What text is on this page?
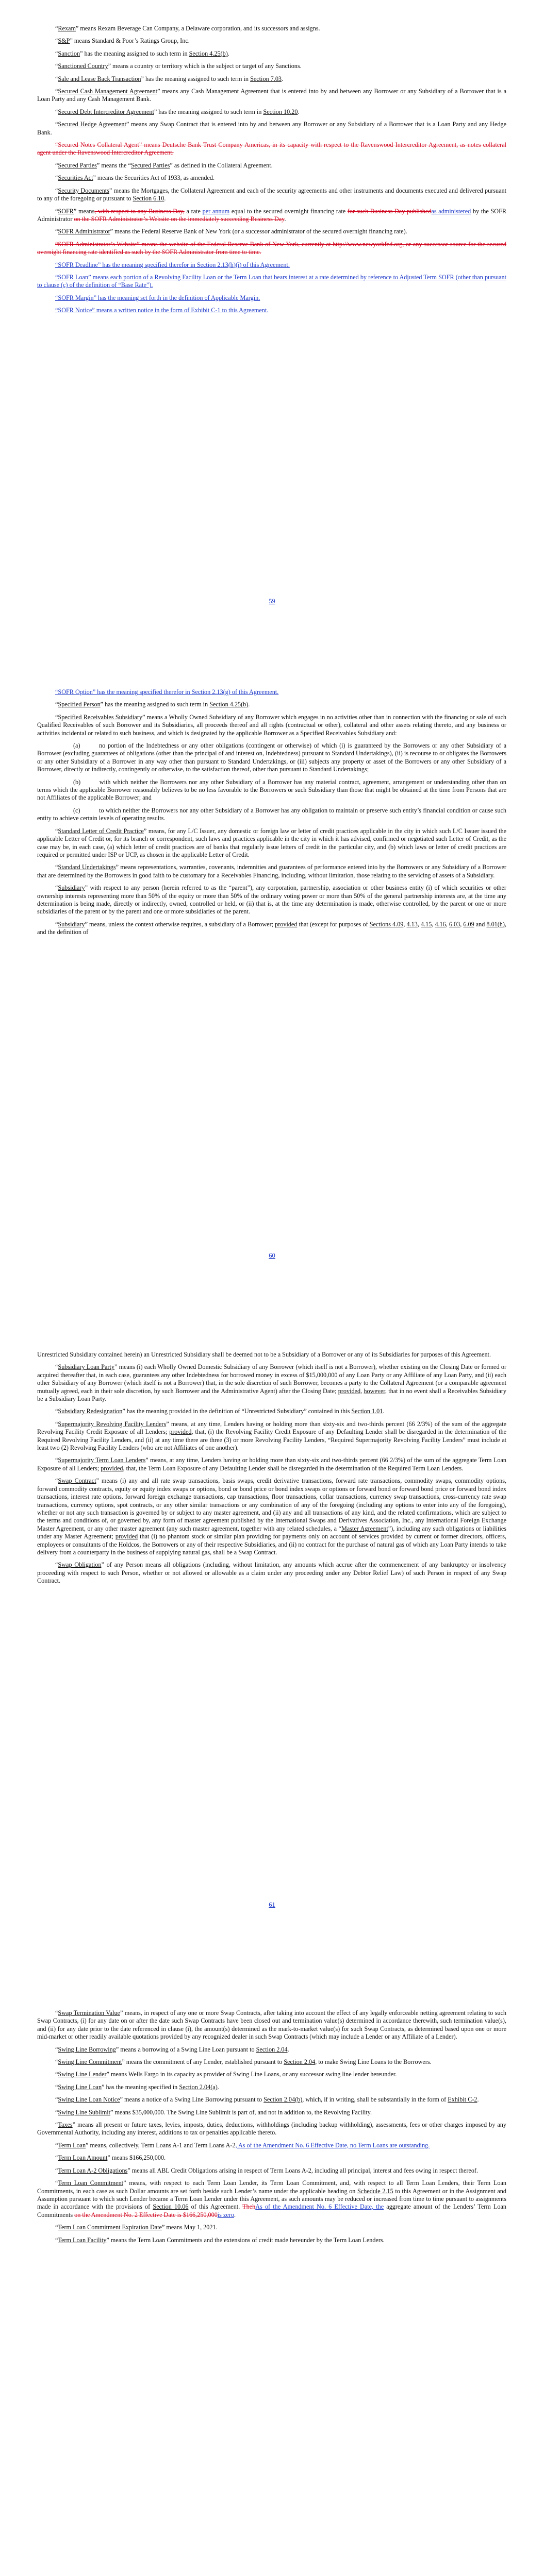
“Rexam” means Rexam Beverage Can Company, a Delaware corporation, and its successors and assigns.

“S&P” means Standard & Poor’s Ratings Group, Inc.

“Sanction” has the meaning assigned to such term in Section 4.25(b).

“Sanctioned Country” means a country or territory which is the subject or target of any Sanctions.

“Sale and Lease Back Transaction” has the meaning assigned to such term in Section 7.03.

“Secured Cash Management Agreement” means any Cash Management Agreement that is entered into by and between any Borrower or any Subsidiary of a Borrower that is a Loan Party and any Cash Management Bank.

“Secured Debt Intercreditor Agreement” has the meaning assigned to such term in Section 10.20.

“Secured Hedge Agreement” means any Swap Contract that is entered into by and between any Borrower or any Subsidiary of a Borrower that is a Loan Party and any Hedge Bank.

“Secured Notes Collateral Agent” means Deutsche Bank Trust Company Americas, in its capacity with respect to the Ravenswood Intercreditor Agreement, as notes collateral agent under the Ravenswood Intercreditor Agreement.

“Secured Parties” means the “Secured Parties” as defined in the Collateral Agreement.

“Securities Act” means the Securities Act of 1933, as amended.

“Security Documents” means the Mortgages, the Collateral Agreement and each of the security agreements and other instruments and documents executed and delivered pursuant to any of the foregoing or pursuant to Section 6.10.

“SOFR” means, with respect to any Business Day, a rate per annum equal to the secured overnight financing rate for such Business Day publishedas administered by the SOFR Administrator on the SOFR Administrator’s Website on the immediately succeeding Business Day.

“SOFR Administrator” means the Federal Reserve Bank of New York (or a successor administrator of the secured overnight financing rate).

“SOFR Administrator’s Website” means the website of the Federal Reserve Bank of New York, currently at http://www.newyorkfed.org, or any successor source for the secured overnight financing rate identified as such by the SOFR Administrator from time to time.

“SOFR Deadline” has the meaning specified therefor in Section 2.13(h)(i) of this Agreement.

“SOFR Loan” means each portion of a Revolving Facility Loan or the Term Loan that bears interest at a rate determined by reference to Adjusted Term SOFR (other than pursuant to clause (c) of the definition of “Base Rate”).

“SOFR Margin” has the meaning set forth in the definition of Applicable Margin.

“SOFR Notice” means a written notice in the form of Exhibit C-1 to this Agreement.

59

“SOFR Option” has the meaning specified therefor in Section 2.13(g) of this Agreement.

“Specified Person” has the meaning assigned to such term in Section 4.25(b).

“Specified Receivables Subsidiary” means a Wholly Owned Subsidiary of any Borrower which engages in no activities other than in connection with the financing or sale of such Qualified Receivables of such Borrower and its Subsidiaries, all proceeds thereof and all rights (contractual or other), collateral and other assets relating thereto, and any business or activities incidental or related to such business, and which is designated by the applicable Borrower as a Specified Receivables Subsidiary and:

(a)   no portion of the Indebtedness or any other obligations (contingent or otherwise) of which (i) is guaranteed by the Borrowers or any other Subsidiary of a Borrower (excluding guarantees of obligations (other than the principal of and interest on, Indebtedness) pursuant to Standard Undertakings), (ii) is recourse to or obligates the Borrowers or any other Subsidiary of a Borrower in any way other than pursuant to Standard Undertakings, or (iii) subjects any property or asset of the Borrowers or any other Subsidiary of a Borrower, directly or indirectly, contingently or otherwise, to the satisfaction thereof, other than pursuant to Standard Undertakings;

(b)   with which neither the Borrowers nor any other Subsidiary of a Borrower has any material contract, agreement, arrangement or understanding other than on terms which the applicable Borrower reasonably believes to be no less favorable to the Borrowers or such Subsidiary than those that might be obtained at the time from Persons that are not Affiliates of the applicable Borrower; and

(c)   to which neither the Borrowers nor any other Subsidiary of a Borrower has any obligation to maintain or preserve such entity’s financial condition or cause such entity to achieve certain levels of operating results.

“Standard Letter of Credit Practice” means, for any L/C Issuer, any domestic or foreign law or letter of credit practices applicable in the city in which such L/C Issuer issued the applicable Letter of Credit or, for its branch or correspondent, such laws and practices applicable in the city in which it has advised, confirmed or negotiated such Letter of Credit, as the case may be, in each case, (a) which letter of credit practices are of banks that regularly issue letters of credit in the particular city, and (b) which laws or letter of credit practices are required or permitted under ISP or UCP, as chosen in the applicable Letter of Credit.

“Standard Undertakings” means representations, warranties, covenants, indemnities and guarantees of performance entered into by the Borrowers or any Subsidiary of a Borrower that are determined by the Borrowers in good faith to be customary for a Receivables Financing, including, without limitation, those relating to the servicing of assets of a Subsidiary.

“Subsidiary” with respect to any person (herein referred to as the “parent”), any corporation, partnership, association or other business entity (i) of which securities or other ownership interests representing more than 50% of the equity or more than 50% of the ordinary voting power or more than 50% of the general partnership interests are, at the time any determination is being made, directly or indirectly, owned, controlled or held, or (ii) that is, at the time any determination is made, otherwise controlled, by the parent or one or more subsidiaries of the parent or by the parent and one or more subsidiaries of the parent.

“Subsidiary” means, unless the context otherwise requires, a subsidiary of a Borrower; provided that (except for purposes of Sections 4.09, 4.13, 4.15, 4.16, 6.03, 6.09 and 8.01(h), and the definition of

60

Unrestricted Subsidiary contained herein) an Unrestricted Subsidiary shall be deemed not to be a Subsidiary of a Borrower or any of its Subsidiaries for purposes of this Agreement.

“Subsidiary Loan Party” means (i) each Wholly Owned Domestic Subsidiary of any Borrower (which itself is not a Borrower), whether existing on the Closing Date or formed or acquired thereafter that, in each case, guarantees any other Indebtedness for borrowed money in excess of $15,000,000 of any Loan Party or any Affiliate of any Loan Party, and (ii) each other Subsidiary of any Borrower (which itself is not a Borrower) that, in the sole discretion of such Borrower, becomes a party to the Collateral Agreement (or a comparable agreement mutually agreed, each in their sole discretion, by such Borrower and the Administrative Agent) after the Closing Date; provided, however, that in no event shall a Receivables Subsidiary be a Subsidiary Loan Party.

“Subsidiary Redesignation” has the meaning provided in the definition of “Unrestricted Subsidiary” contained in this Section 1.01.

“Supermajority Revolving Facility Lenders” means, at any time, Lenders having or holding more than sixty-six and two-thirds percent (66 2/3%) of the sum of the aggregate Revolving Facility Credit Exposure of all Lenders; provided, that, (i) the Revolving Facility Credit Exposure of any Defaulting Lender shall be disregarded in the determination of the Required Revolving Facility Lenders, and (ii) at any time there are three (3) or more Revolving Facility Lenders, “Required Supermajority Revolving Facility Lenders” must include at least two (2) Revolving Facility Lenders (who are not Affiliates of one another).

“Supermajority Term Loan Lenders” means, at any time, Lenders having or holding more than sixty-six and two-thirds percent (66 2/3%) of the sum of the aggregate Term Loan Exposure of all Lenders; provided, that, the Term Loan Exposure of any Defaulting Lender shall be disregarded in the determination of the Required Term Loan Lenders.

“Swap Contract” means (i) any and all rate swap transactions, basis swaps, credit derivative transactions, forward rate transactions, commodity swaps, commodity options, forward commodity contracts, equity or equity index swaps or options, bond or bond price or bond index swaps or options or forward bond or forward bond price or forward bond index transactions, interest rate options, forward foreign exchange transactions, cap transactions, floor transactions, collar transactions, currency swap transactions, cross-currency rate swap transactions, currency options, spot contracts, or any other similar transactions or any combination of any of the foregoing (including any options to enter into any of the foregoing), whether or not any such transaction is governed by or subject to any master agreement, and (ii) any and all transactions of any kind, and the related confirmations, which are subject to the terms and conditions of, or governed by, any form of master agreement published by the International Swaps and Derivatives Association, Inc., any International Foreign Exchange Master Agreement, or any other master agreement (any such master agreement, together with any related schedules, a “Master Agreement”), including any such obligations or liabilities under any Master Agreement; provided that (i) no phantom stock or similar plan providing for payments only on account of services provided by current or former directors, officers, employees or consultants of the Holdcos, the Borrowers or any of their respective Subsidiaries, and (ii) no contract for the purchase of natural gas of which any Loan Party intends to take delivery from a counterparty in the business of supplying natural gas, shall be a Swap Contract.

“Swap Obligation” of any Person means all obligations (including, without limitation, any amounts which accrue after the commencement of any bankruptcy or insolvency proceeding with respect to such Person, whether or not allowed or allowable as a claim under any proceeding under any Debtor Relief Law) of such Person in respect of any Swap Contract.

61

“Swap Termination Value” means, in respect of any one or more Swap Contracts, after taking into account the effect of any legally enforceable netting agreement relating to such Swap Contracts, (i) for any date on or after the date such Swap Contracts have been closed out and termination value(s) determined in accordance therewith, such termination value(s), and (ii) for any date prior to the date referenced in clause (i), the amount(s) determined as the mark-to-market value(s) for such Swap Contracts, as determined based upon one or more mid-market or other readily available quotations provided by any recognized dealer in such Swap Contracts (which may include a Lender or any Affiliate of a Lender).

“Swing Line Borrowing” means a borrowing of a Swing Line Loan pursuant to Section 2.04.

“Swing Line Commitment” means the commitment of any Lender, established pursuant to Section 2.04, to make Swing Line Loans to the Borrowers.

“Swing Line Lender” means Wells Fargo in its capacity as provider of Swing Line Loans, or any successor swing line lender hereunder.

“Swing Line Loan” has the meaning specified in Section 2.04(a).

“Swing Line Loan Notice” means a notice of a Swing Line Borrowing pursuant to Section 2.04(b), which, if in writing, shall be substantially in the form of Exhibit C-2.

“Swing Line Sublimit” means $35,000,000. The Swing Line Sublimit is part of, and not in addition to, the Revolving Facility.

“Taxes” means all present or future taxes, levies, imposts, duties, deductions, withholdings (including backup withholding), assessments, fees or other charges imposed by any Governmental Authority, including any interest, additions to tax or penalties applicable thereto.

“Term Loan” means, collectively, Term Loans A-1 and Term Loans A-2, As of the Amendment No. 6 Effective Date, no Term Loans are outstanding.

“Term Loan Amount” means $166,250,000.

“Term Loan A-2 Obligations” means all ABL Credit Obligations arising in respect of Term Loans A-2, including all principal, interest and fees owing in respect thereof.

“Term Loan Commitment” means, with respect to each Term Loan Lender, its Term Loan Commitment, and, with respect to all Term Loan Lenders, their Term Loan Commitments, in each case as such Dollar amounts are set forth beside such Lender’s name under the applicable heading on Schedule 2.15 to this Agreement or in the Assignment and Assumption pursuant to which such Lender became a Term Loan Lender under this Agreement, as such amounts may be reduced or increased from time to time pursuant to assignments made in accordance with the provisions of Section 10.06 of this Agreement. ThehAs of the Amendment No. 6 Effective Date, the aggregate amount of the Lenders’ Term Loan Commitments on the Amendment No. 2 Effective Date is $166,250,000is zero.

“Term Loan Commitment Expiration Date” means May 1, 2021.

“Term Loan Facility” means the Term Loan Commitments and the extensions of credit made hereunder by the Term Loan Lenders.
